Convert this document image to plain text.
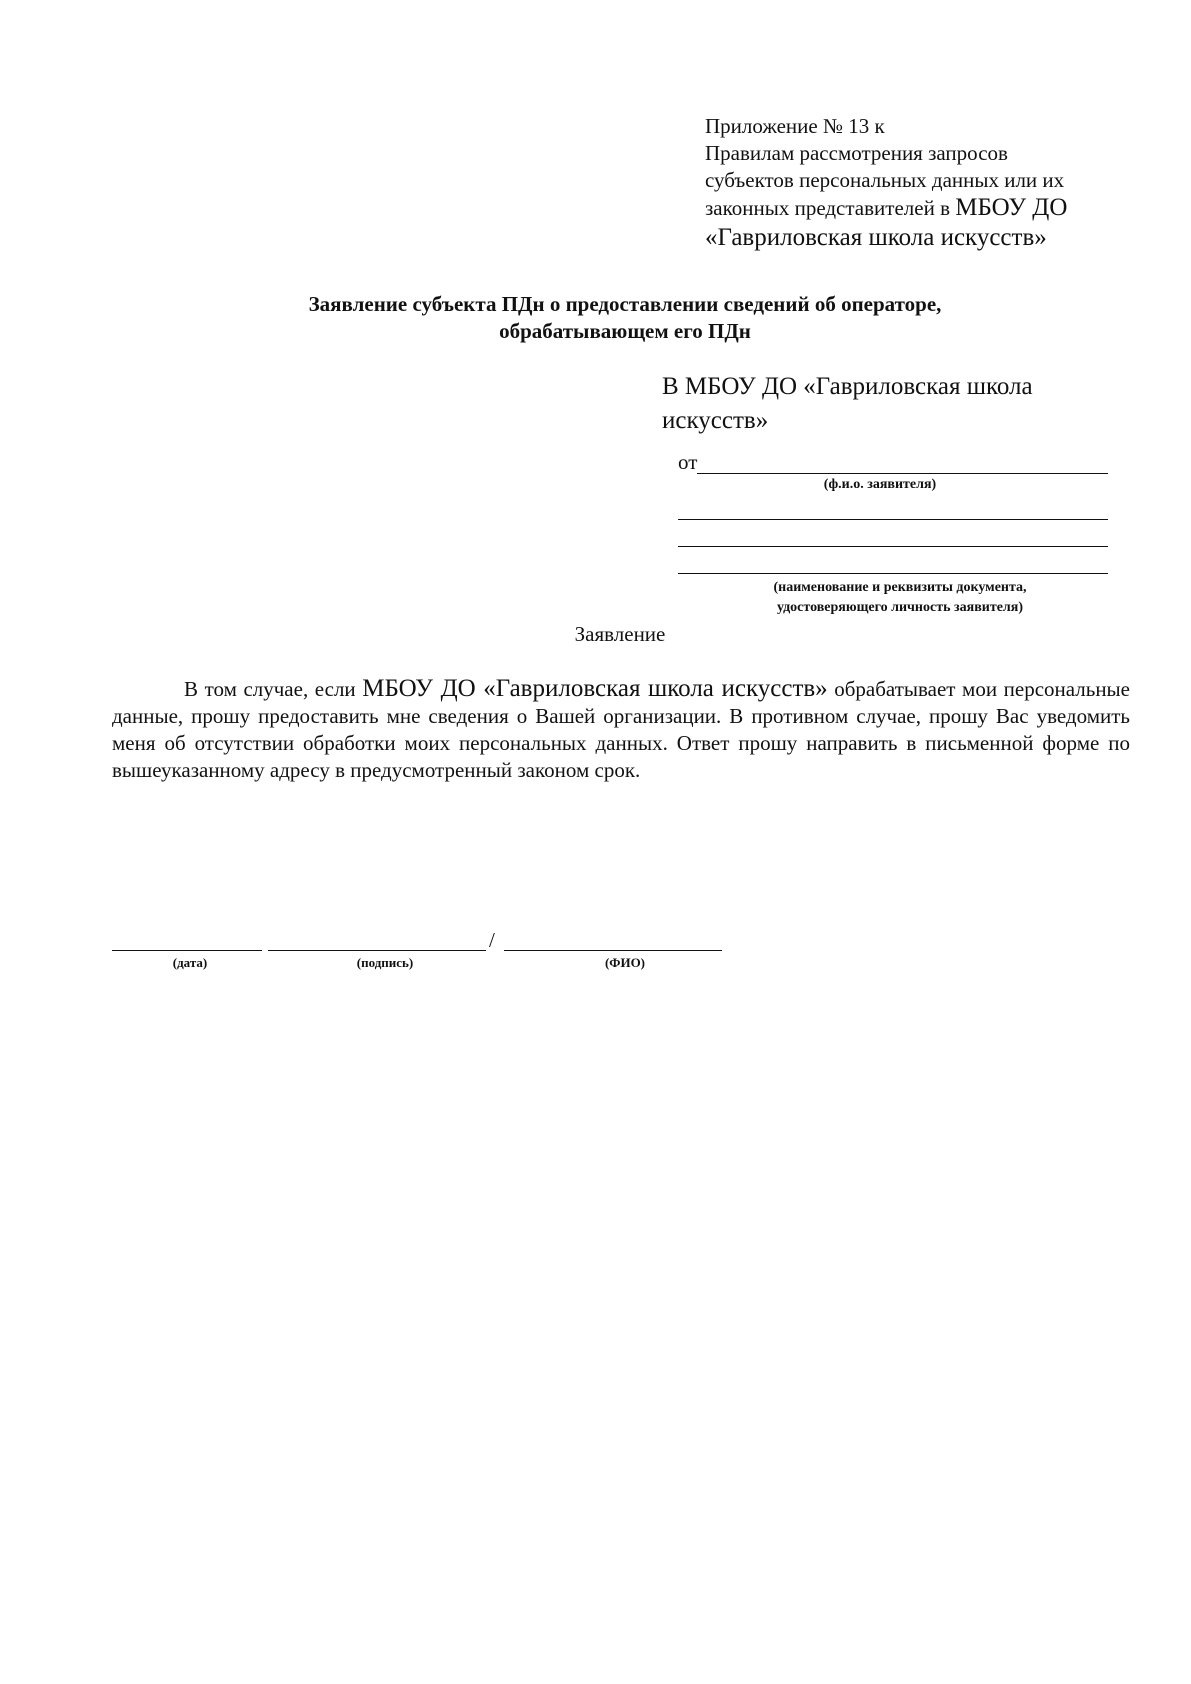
Приложение № 13 к
Правилам рассмотрения запросов
субъектов персональных данных или их
законных представителей в МБОУ ДО
«Гавриловская школа искусств»
Заявление субъекта ПДн о предоставлении сведений об операторе,
обрабатывающем его ПДн
В МБОУ ДО «Гавриловская школа
искусств»
от
(ф.и.о. заявителя)
(наименование и реквизиты документа,
удостоверяющего личность заявителя)
Заявление

В том случае, если МБОУ ДО «Гавриловская школа искусств» обрабатывает мои персональные данные, прошу предоставить мне сведения о Вашей организации. В противном случае, прошу Вас уведомить меня об отсутствии обработки моих персональных данных. Ответ прошу направить в письменной форме по вышеуказанному адресу в предусмотренный законом срок.

/
(дата)	(подпись)	(ФИО)
